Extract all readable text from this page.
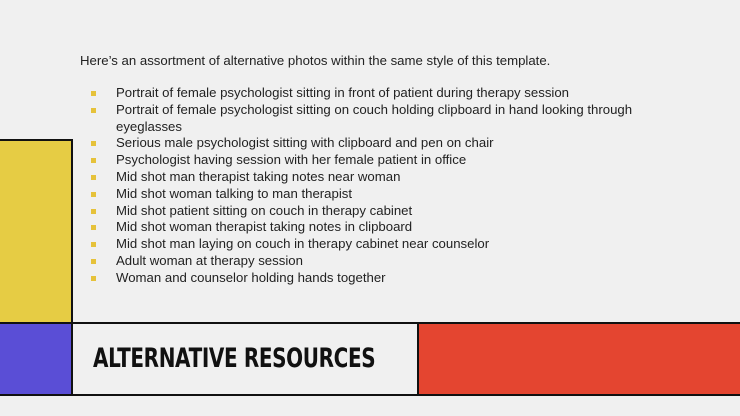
Here’s an assortment of alternative photos within the same style of this template.

Portrait of female psychologist sitting in front of patient during therapy session
Portrait of female psychologist sitting on couch holding clipboard in hand looking through eyeglasses
Serious male psychologist sitting with clipboard and pen on chair
Psychologist having session with her female patient in office
Mid shot man therapist taking notes near woman
Mid shot woman talking to man therapist
Mid shot patient sitting on couch in therapy cabinet
Mid shot woman therapist taking notes in clipboard
Mid shot man laying on couch in therapy cabinet near counselor
Adult woman at therapy session
Woman and counselor holding hands together
ALTERNATIVE RESOURCES
